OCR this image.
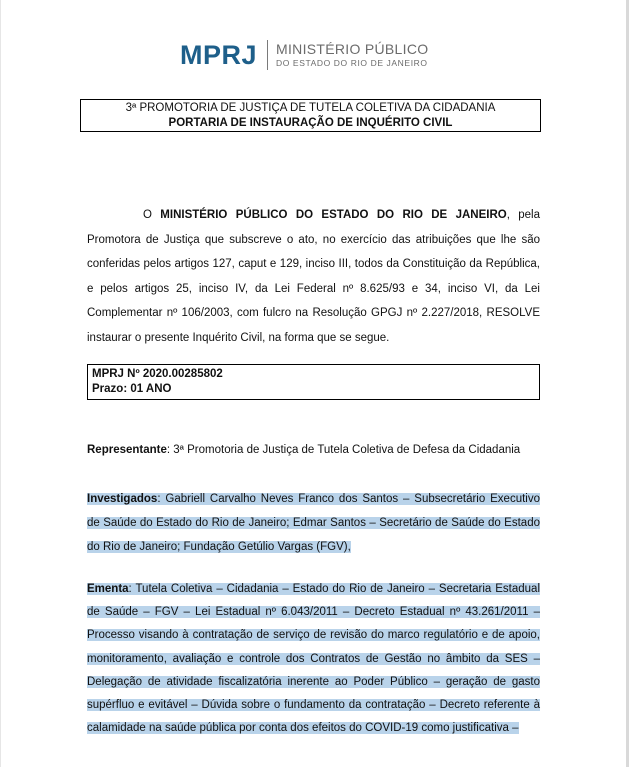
MPRJ MINISTÉRIO PÚBLICO
DO ESTADO DO RIO DE JANEIRO
3ª PROMOTORIA DE JUSTIÇA DE TUTELA COLETIVA DA CIDADANIA
PORTARIA DE INSTAURAÇÃO DE INQUÉRITO CIVIL
O MINISTÉRIO PÚBLICO DO ESTADO DO RIO DE JANEIRO, pela Promotora de Justiça que subscreve o ato, no exercício das atribuições que lhe são conferidas pelos artigos 127, caput e 129, inciso III, todos da Constituição da República, e pelos artigos 25, inciso IV, da Lei Federal nº 8.625/93 e 34, inciso VI, da Lei Complementar nº 106/2003, com fulcro na Resolução GPGJ nº 2.227/2018, RESOLVE instaurar o presente Inquérito Civil, na forma que se segue.
MPRJ Nº 2020.00285802
Prazo: 01 ANO
Representante: 3ª Promotoria de Justiça de Tutela Coletiva de Defesa da Cidadania
Investigados: Gabriell Carvalho Neves Franco dos Santos – Subsecretário Executivo de Saúde do Estado do Rio de Janeiro; Edmar Santos – Secretário de Saúde do Estado do Rio de Janeiro; Fundação Getúlio Vargas (FGV),
Ementa: Tutela Coletiva – Cidadania – Estado do Rio de Janeiro – Secretaria Estadual de Saúde – FGV – Lei Estadual nº 6.043/2011 – Decreto Estadual nº 43.261/2011 – Processo visando à contratação de serviço de revisão do marco regulatório e de apoio, monitoramento, avaliação e controle dos Contratos de Gestão no âmbito da SES – Delegação de atividade fiscalizatória inerente ao Poder Público – geração de gasto supérfluo e evitável – Dúvida sobre o fundamento da contratação – Decreto referente à calamidade na saúde pública por conta dos efeitos do COVID-19 como justificativa –
